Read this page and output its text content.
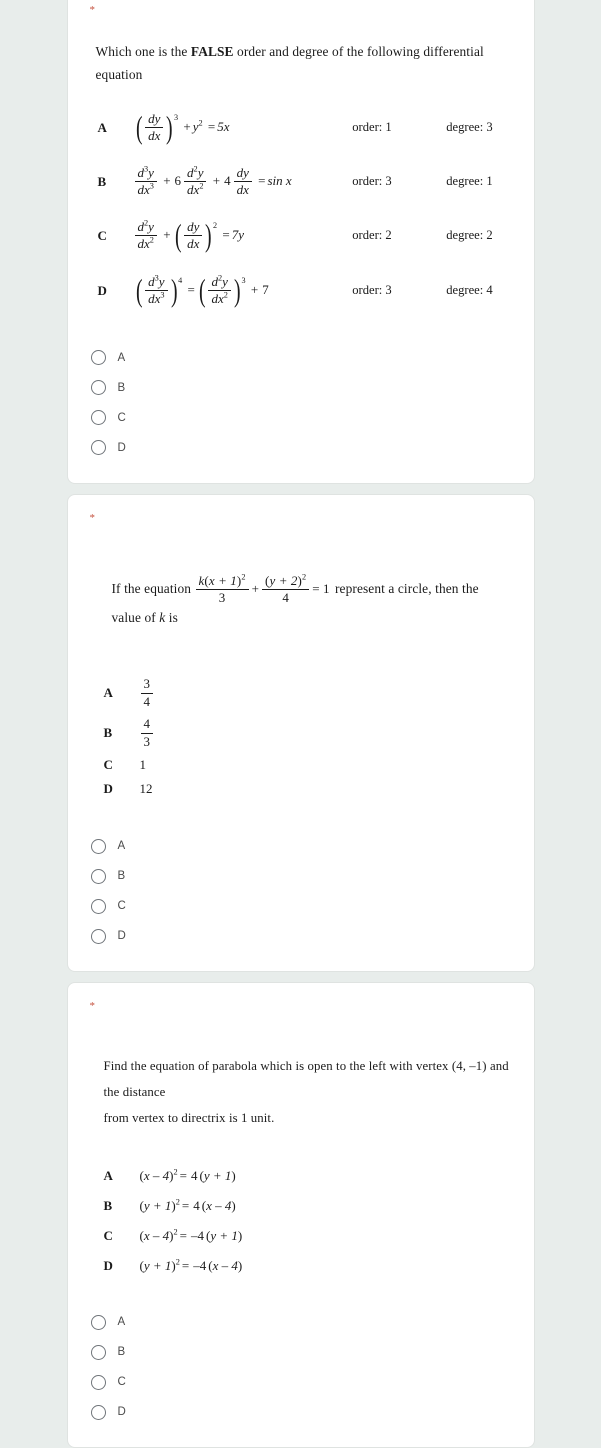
*
Which one is the FALSE order and degree of the following differential equation
A	( $\frac{dy}{dx} )3 + y^2 = 5x$	order: 1	degree: 3
B	$\frac{d^3y}{dx^3} + 6 \frac{d^2y}{dx^2} + 4 \frac{dy}{dx} = \sin x$	order: 3	degree: 1
C	$\frac{d^2y}{dx^2}$ + ( $\frac{dy}{dx} )2 = 7y$	order: 2	degree: 2
D	( $\frac{d^3y}{dx^3} )4$ = ( $\frac{d^2y}{dx^2} )3 + 7$	order: 3	degree: 4
A
B
C
D
*
If the equation $\frac{k(x + 1)^2}{3} + \frac{(y + 2)^2}{4} = 1$ represent a circle, then the value of k is
A	$\frac{3}{4}$

B	$\frac{4}{3}$

C	1
D	12
A
B
C
D
*
Find the equation of parabola which is open to the left with vertex (4, –1) and the distance
from vertex to directrix is 1 unit.
A	(x – 4)$^2$ = 4 (y + 1)
B	$(y + 1)^2 = 4$ (x – 4)
C	(x – 4)$^2$ = –4 (y + 1)
D	$(y + 1)^2 = -4$ (x – 4)
A
B
C
D
